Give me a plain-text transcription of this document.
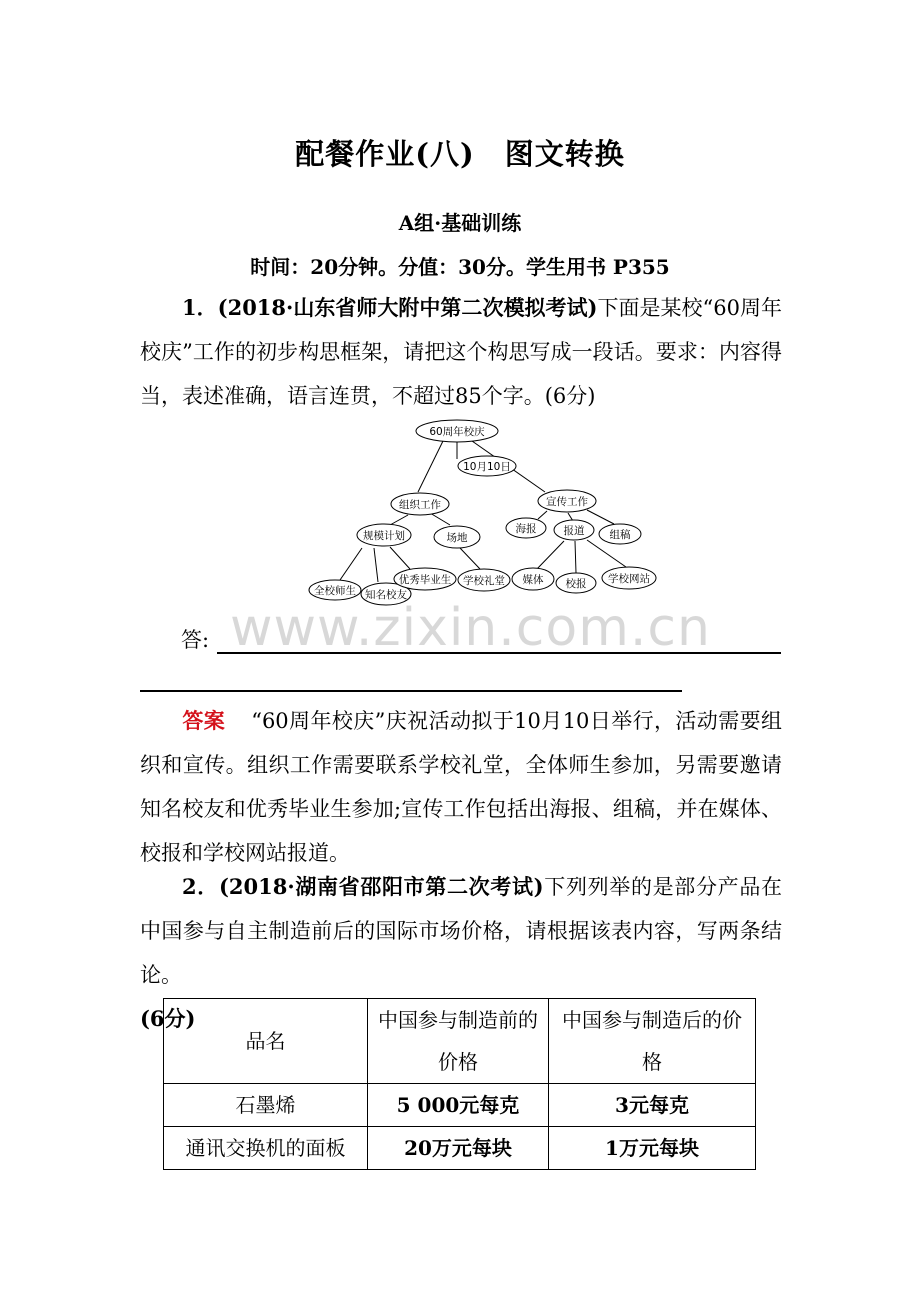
配餐作业(八)　图文转换
A组·基础训练
时间：20分钟。分值：30分。学生用书 P355
1．(2018·山东省师大附中第二次模拟考试)下面是某校“60周年校庆”工作的初步构思框架，请把这个构思写成一段话。要求：内容得当，表述准确，语言连贯，不超过85个字。(6分)
60周年校庆
10月10日
组织工作	宣传工作
规模计划	场地
全校师生 知名校友
优秀毕业生 学校礼堂
海报	报道 组稿
媒体 校报 学校网站
www.zixin.com.cn
答:
答案 “60周年校庆”庆祝活动拟于10月10日举行，活动需要组织和宣传。组织工作需要联系学校礼堂，全体师生参加，另需要邀请知名校友和优秀毕业生参加;宣传工作包括出海报、组稿，并在媒体、校报和学校网站报道。
2．(2018·湖南省邵阳市第二次考试)下列列举的是部分产品在中国参与自主制造前后的国际市场价格，请根据该表内容，写两条结论。
(6分)
品名	中国参与制造前的价格	中国参与制造后的价格
石墨烯	5 000元每克	3元每克
通讯交换机的面板	20万元每块	1万元每块
